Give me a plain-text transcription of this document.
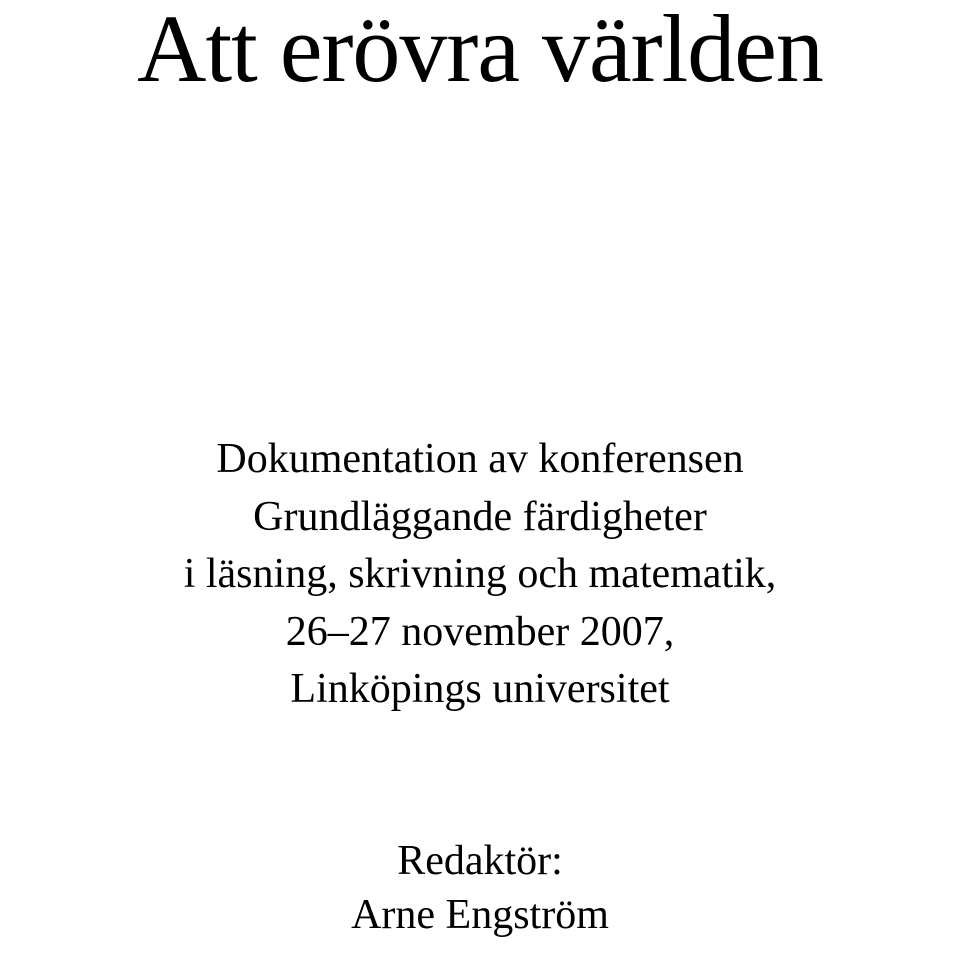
Att erövra världen
Dokumentation av konferensen
Grundläggande färdigheter
i läsning, skrivning och matematik,
26–27 november 2007,
Linköpings universitet
Redaktör:
Arne Engström
